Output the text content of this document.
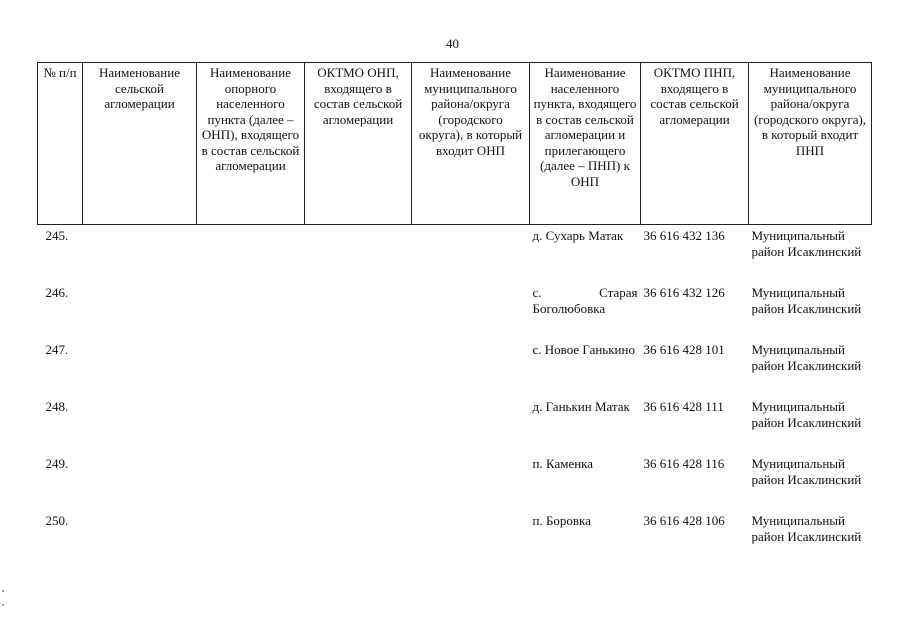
40
№ п/п	Наименование сельской агломерации	Наименование опорного населенного пункта (далее – ОНП), входящего в состав сельской агломерации	ОКТМО ОНП, входящего в состав сельской агломерации	Наименование муниципального района/округа (городского округа), в который входит ОНП	Наименование населенного пункта, входящего в состав сельской агломерации и прилегающего (далее – ПНП) к ОНП	ОКТМО ПНП, входящего в состав сельской агломерации	Наименование муниципального района/округа (городского округа), в который входит ПНП
245.					д. Сухарь Матак	36 616 432 136	Муниципальный район Исаклинский
246.					с. Старая Боголюбовка	36 616 432 126	Муниципальный район Исаклинский
247.					с. Новое Ганькино	36 616 428 101	Муниципальный район Исаклинский
248.					д. Ганькин Матак	36 616 428 111	Муниципальный район Исаклинский
249.					п. Каменка	36 616 428 116	Муниципальный район Исаклинский
250.					п. Боровка	36 616 428 106	Муниципальный район Исаклинский
